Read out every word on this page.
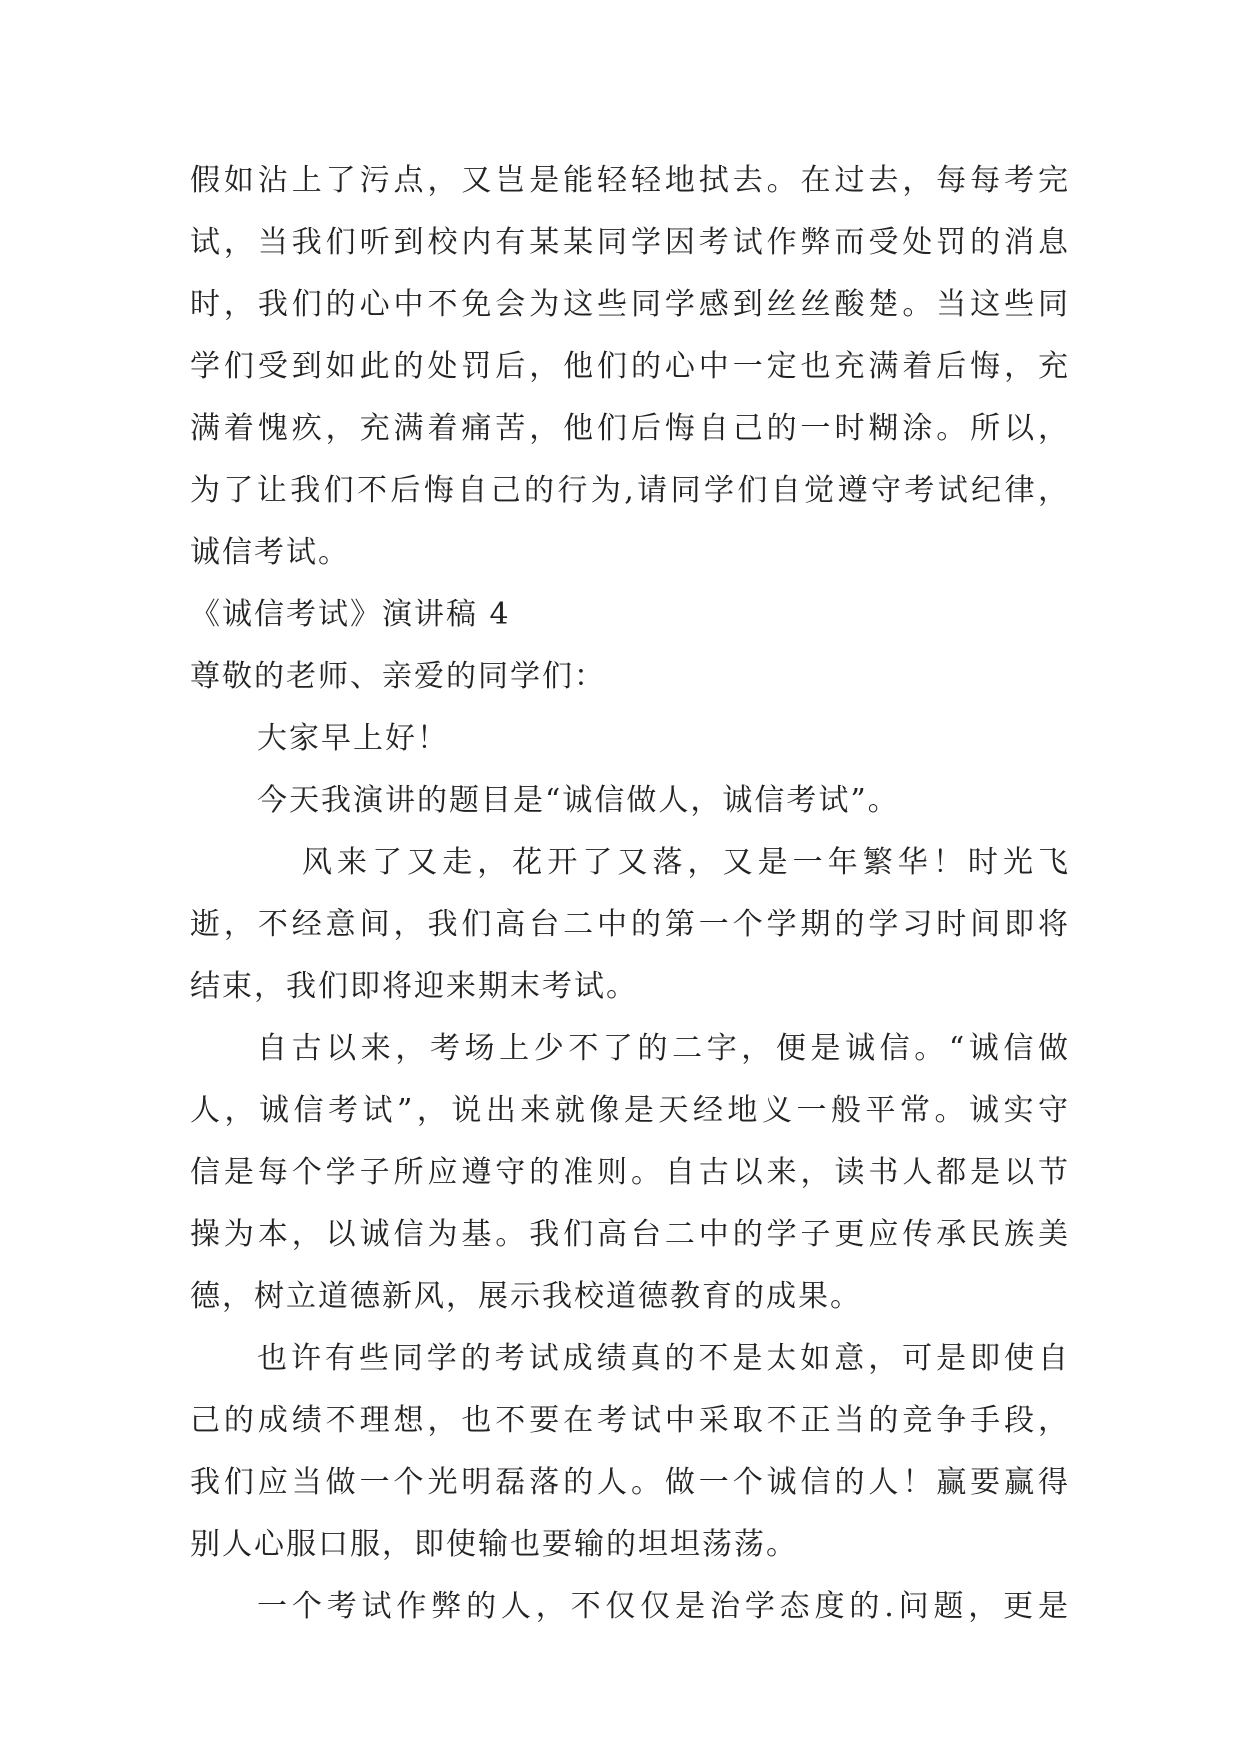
假如沾上了污点，又岂是能轻轻地拭去。在过去，每每考完
试，当我们听到校内有某某同学因考试作弊而受处罚的消息
时，我们的心中不免会为这些同学感到丝丝酸楚。当这些同
学们受到如此的处罚后，他们的心中一定也充满着后悔，充
满着愧疚，充满着痛苦，他们后悔自己的一时糊涂。所以，
为了让我们不后悔自己的行为,请同学们自觉遵守考试纪律，
诚信考试。
《诚信考试》演讲稿 4
尊敬的老师、亲爱的同学们：
大家早上好！
今天我演讲的题目是“诚信做人，诚信考试”。
风来了又走，花开了又落，又是一年繁华！时光飞
逝，不经意间，我们高台二中的第一个学期的学习时间即将
结束，我们即将迎来期末考试。
自古以来，考场上少不了的二字，便是诚信。“诚信做
人，诚信考试”，说出来就像是天经地义一般平常。诚实守
信是每个学子所应遵守的准则。自古以来，读书人都是以节
操为本，以诚信为基。我们高台二中的学子更应传承民族美
德，树立道德新风，展示我校道德教育的成果。
也许有些同学的考试成绩真的不是太如意，可是即使自
己的成绩不理想，也不要在考试中采取不正当的竞争手段，
我们应当做一个光明磊落的人。做一个诚信的人！赢要赢得
别人心服口服，即使输也要输的坦坦荡荡。
一个考试作弊的人，不仅仅是治学态度的.问题，更是
